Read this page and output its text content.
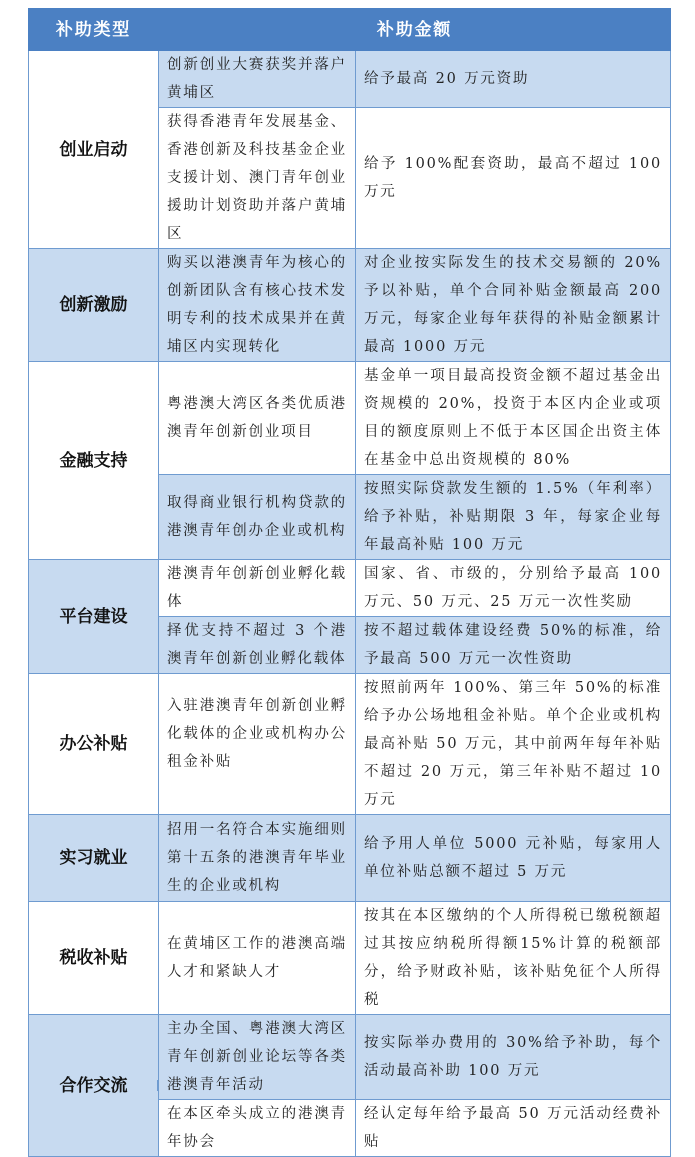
补助类型	补助金额	
创业启动	创新创业大赛获奖并落户黄埔区	给予最高 20 万元资助
	获得香港青年发展基金、香港创新及科技基金企业支援计划、澳门青年创业援助计划资助并落户黄埔区	给予 100%配套资助，最高不超过 100 万元
创新激励	购买以港澳青年为核心的创新团队含有核心技术发明专利的技术成果并在黄埔区内实现转化	对企业按实际发生的技术交易额的 20%予以补贴，单个合同补贴金额最高 200 万元，每家企业每年获得的补贴金额累计最高 1000 万元
金融支持	粤港澳大湾区各类优质港澳青年创新创业项目	基金单一项目最高投资金额不超过基金出资规模的 20%，投资于本区内企业或项目的额度原则上不低于本区国企出资主体在基金中总出资规模的 80%
	取得商业银行机构贷款的港澳青年创办企业或机构	按照实际贷款发生额的 1.5%（年利率）给予补贴，补贴期限 3 年，每家企业每年最高补贴 100 万元
平台建设	港澳青年创新创业孵化载体	国家、省、市级的，分别给予最高 100 万元、50 万元、25 万元一次性奖励
	择优支持不超过 3 个港澳青年创新创业孵化载体	按不超过载体建设经费 50%的标准，给予最高 500 万元一次性资助
办公补贴	入驻港澳青年创新创业孵化载体的企业或机构办公租金补贴	按照前两年 100%、第三年 50%的标准给予办公场地租金补贴。单个企业或机构最高补贴 50 万元，其中前两年每年补贴不超过 20 万元，第三年补贴不超过 10 万元
实习就业	招用一名符合本实施细则第十五条的港澳青年毕业生的企业或机构	给予用人单位 5000 元补贴，每家用人单位补贴总额不超过 5 万元
税收补贴	在黄埔区工作的港澳高端人才和紧缺人才	按其在本区缴纳的个人所得税已缴税额超过其按应纳税所得额15%计算的税额部分，给予财政补贴，该补贴免征个人所得税
合作交流	主办全国、粤港澳大湾区青年创新创业论坛等各类港澳青年活动	按实际举办费用的 30%给予补助，每个活动最高补助 100 万元
	在本区牵头成立的港澳青年协会	经认定每年给予最高 50 万元活动经费补贴
